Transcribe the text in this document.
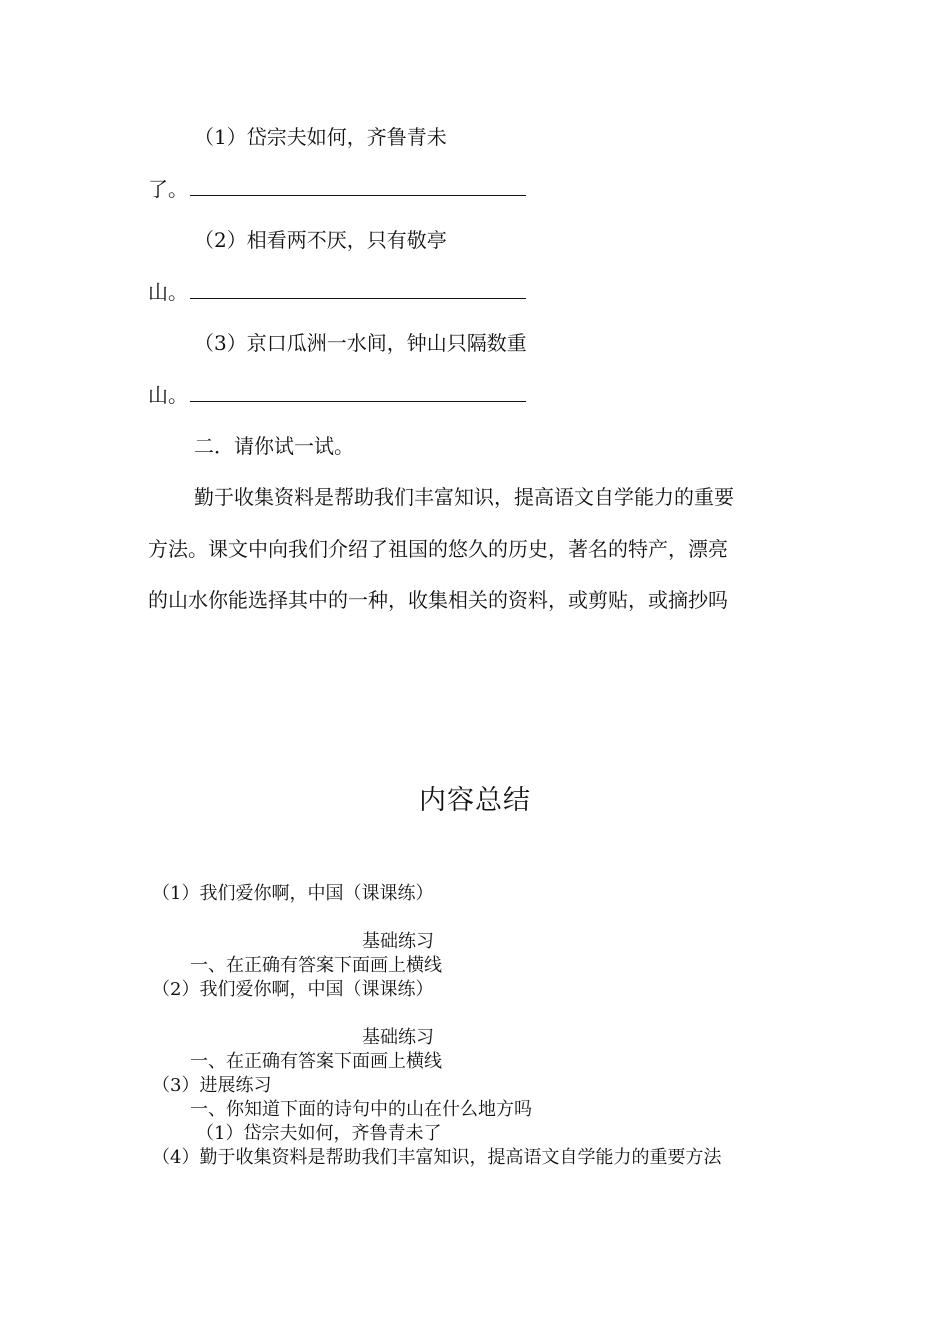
（1）岱宗夫如何，齐鲁青未
了。
（2）相看两不厌，只有敬亭
山。
（3）京口瓜洲一水间，钟山只隔数重
山。
二．请你试一试。
勤于收集资料是帮助我们丰富知识，提高语文自学能力的重要
方法。课文中向我们介绍了祖国的悠久的历史，著名的特产，漂亮
的山水你能选择其中的一种，收集相关的资料，或剪贴，或摘抄吗
内容总结
（1）我们爱你啊，中国（课课练）
基础练习
一、在正确有答案下面画上横线
（2）我们爱你啊，中国（课课练）
基础练习
一、在正确有答案下面画上横线
（3）进展练习
一、你知道下面的诗句中的山在什么地方吗
（1）岱宗夫如何，齐鲁青未了
（4）勤于收集资料是帮助我们丰富知识，提高语文自学能力的重要方法
